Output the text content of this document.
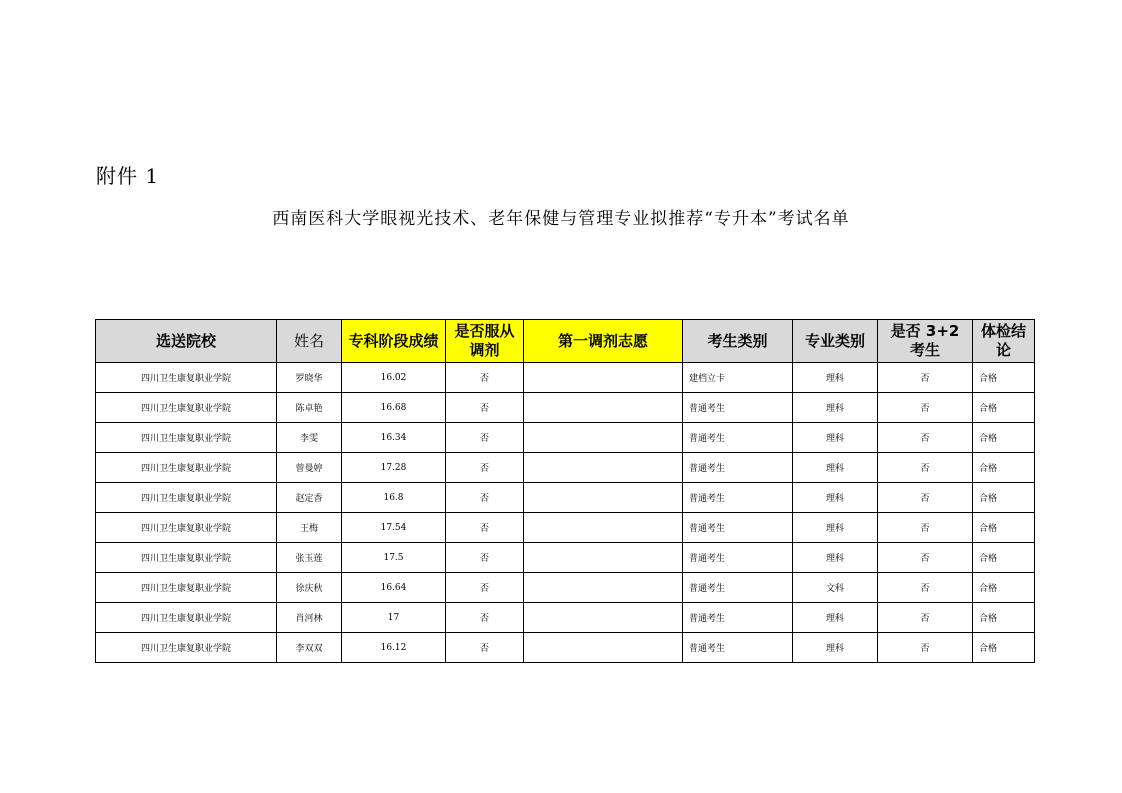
附件 1
西南医科大学眼视光技术、老年保健与管理专业拟推荐“专升本”考试名单
选送院校	姓名	专科阶段成绩	是否服从调剂	第一调剂志愿	考生类别	专业类别	是否 3+2 考生	体检结论
四川卫生康复职业学院	罗晓华	16.02	否		建档立卡	理科	否	合格
四川卫生康复职业学院	陈卓艳	16.68	否		普通考生	理科	否	合格
四川卫生康复职业学院	李雯	16.34	否		普通考生	理科	否	合格
四川卫生康复职业学院	曾曼婷	17.28	否		普通考生	理科	否	合格
四川卫生康复职业学院	赵定香	16.8	否		普通考生	理科	否	合格
四川卫生康复职业学院	王梅	17.54	否		普通考生	理科	否	合格
四川卫生康复职业学院	张玉莲	17.5	否		普通考生	理科	否	合格
四川卫生康复职业学院	徐庆秋	16.64	否		普通考生	文科	否	合格
四川卫生康复职业学院	肖河林	17	否		普通考生	理科	否	合格
四川卫生康复职业学院	李双双	16.12	否		普通考生	理科	否	合格
